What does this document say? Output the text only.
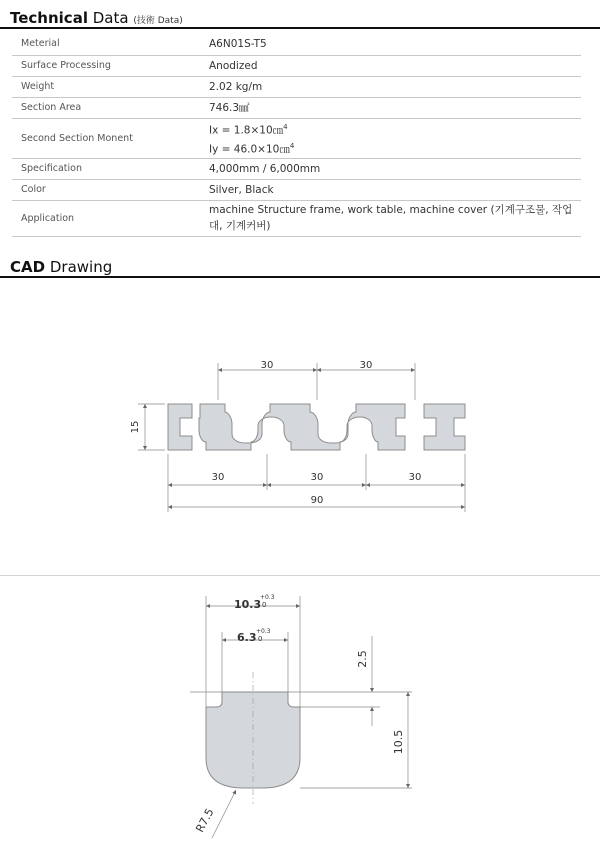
Technical Data (技術 Data)
Meterial	A6N01S-T5
Surface Processing	Anodized
Weight	2.02 kg/m
Section Area	746.3㎟
Second Section Monent	Ix = 1.8×10㎝$^4$
Iy = 46.0×10㎝$^4$

Specification	4,000mm / 6,000mm
Color	Silver, Black
Application	machine Structure frame, work table, machine cover (기계구조물, 작업대, 기계커버)
CAD Drawing
30	30
15
30	30	30
90
10.3
+0.3
0
6.3 +0.3
0
2.5
10.5
R7.5
